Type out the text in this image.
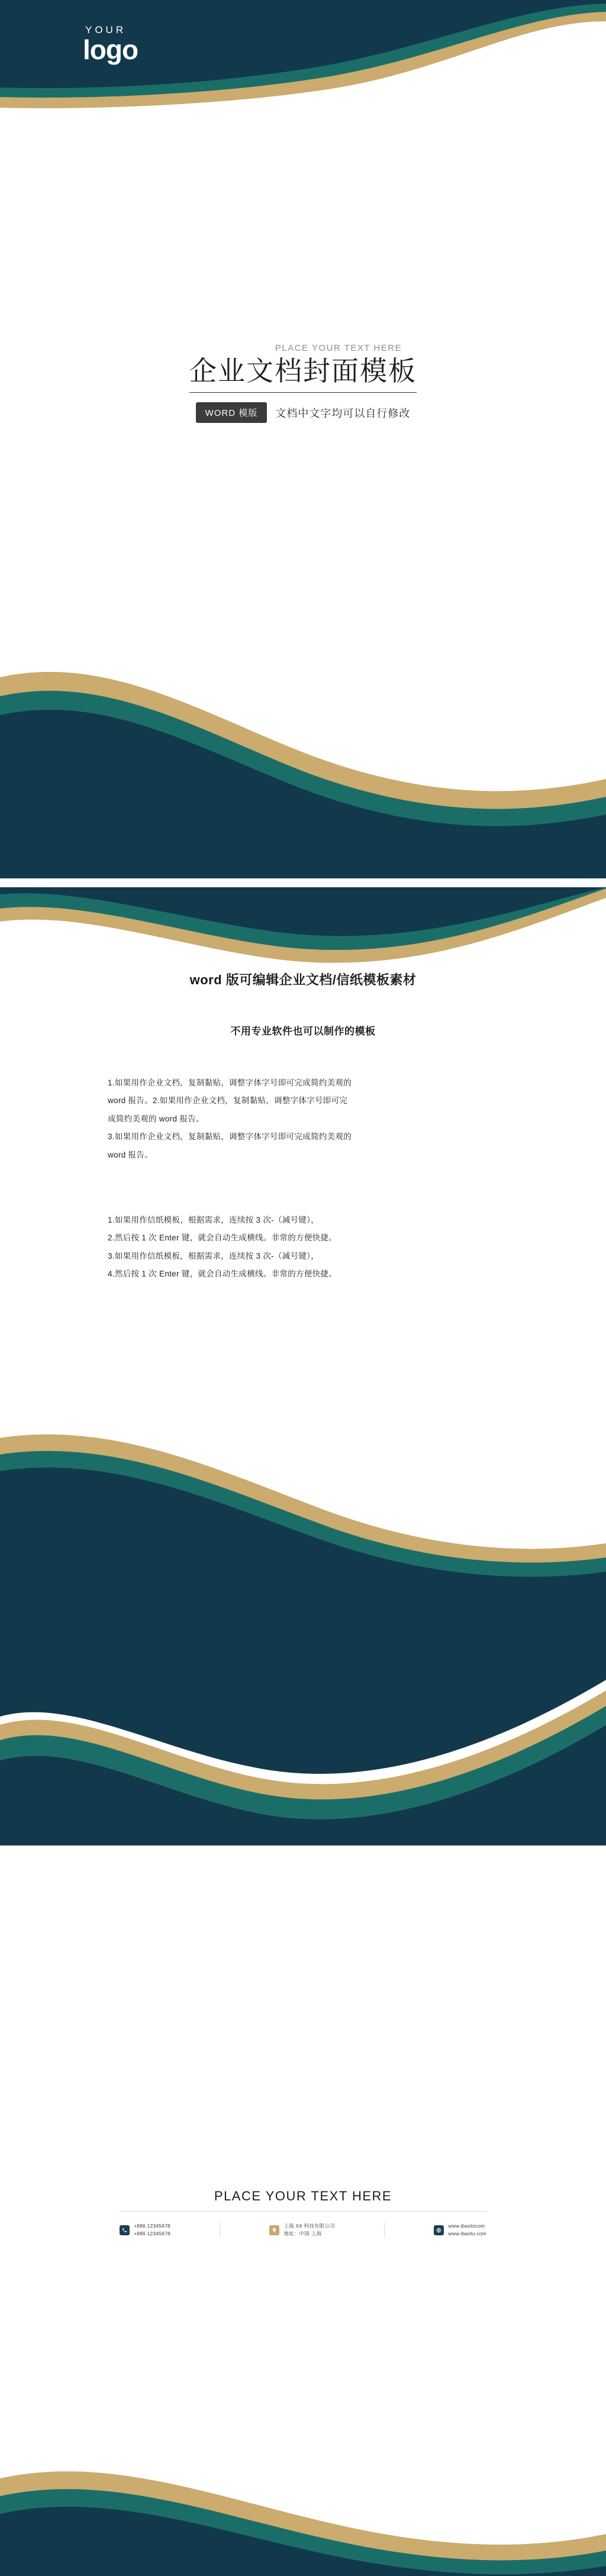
YOUR
logo
PLACE YOUR TEXT HERE
企业文档封面模板
WORD 模版	文档中文字均可以自行修改
word 版可编辑企业文档/信纸模板素材
不用专业软件也可以制作的模板
1.如果用作企业文档，复制黏贴，调整字体字号即可完成简约美观的
word 报告。2.如果用作企业文档，复制黏贴，调整字体字号即可完
成简约美观的 word 报告。
3.如果用作企业文档，复制黏贴，调整字体字号即可完成简约美观的
word 报告。
1.如果用作信纸模板，根据需求，连续按 3 次-（减号键），
2.然后按 1 次 Enter 键，就会自动生成横线。非常的方便快捷。
3.如果用作信纸模板，根据需求，连续按 3 次-（减号键），
4.然后按 1 次 Enter 键，就会自动生成横线。非常的方便快捷。
PLACE YOUR TEXT HERE
+886 12345678
+886 12345678
上海 XX 科技有限公司
地址：中国·上海
www.ibaotocom
www.ibaotu.com
